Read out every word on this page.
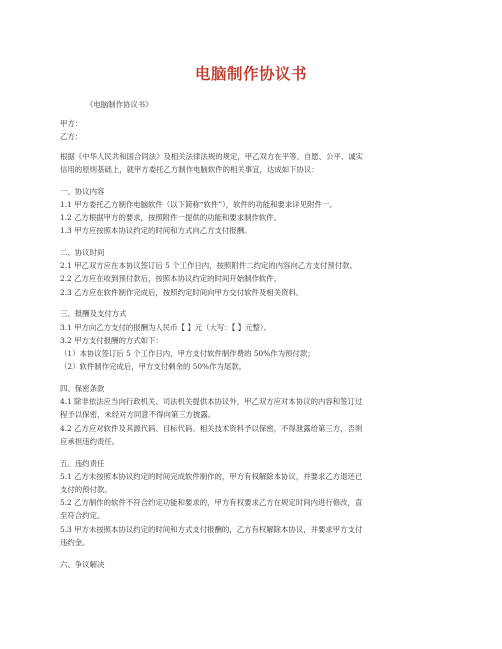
电脑制作协议书
《电脑制作协议书》
甲方：
乙方：
根据《中华人民共和国合同法》及相关法律法规的规定，甲乙双方在平等、自愿、公平、诚实
信用的原则基础上，就甲方委托乙方制作电脑软件的相关事宜，达成如下协议：
一、协议内容
1.1 甲方委托乙方制作电脑软件（以下简称“软件”），软件的功能和要求详见附件一。
1.2 乙方根据甲方的要求，按照附件一提供的功能和要求制作软件。
1.3 甲方应按照本协议约定的时间和方式向乙方支付报酬。
二、协议时间
2.1 甲乙双方应在本协议签订后 5 个工作日内，按照附件二约定的内容向乙方支付预付款。
2.2 乙方应在收到预付款后，按照本协议约定的时间开始制作软件。
2.3 乙方应在软件制作完成后，按照约定时间向甲方交付软件及相关资料。
三、报酬及支付方式
3.1 甲方向乙方支付的报酬为人民币【 】元（大写：【 】元整）。
3.2 甲方支付报酬的方式如下：
（1）本协议签订后 5 个工作日内，甲方支付软件制作费的 50%作为预付款；
（2）软件制作完成后，甲方支付剩余的 50%作为尾款。
四、保密条款
4.1 除非依法应当向行政机关、司法机关提供本协议外，甲乙双方应对本协议的内容和签订过
程予以保密，未经对方同意不得向第三方披露。
4.2 乙方应对软件及其源代码、目标代码、相关技术资料予以保密，不得泄露给第三方，否则
应承担违约责任。
五、违约责任
5.1 乙方未按照本协议约定的时间完成软件制作的，甲方有权解除本协议，并要求乙方退还已
支付的预付款。
5.2 乙方制作的软件不符合约定功能和要求的，甲方有权要求乙方在规定时间内进行修改，直
至符合约定。
5.3 甲方未按照本协议约定的时间和方式支付报酬的，乙方有权解除本协议，并要求甲方支付
违约金。
六、争议解决
